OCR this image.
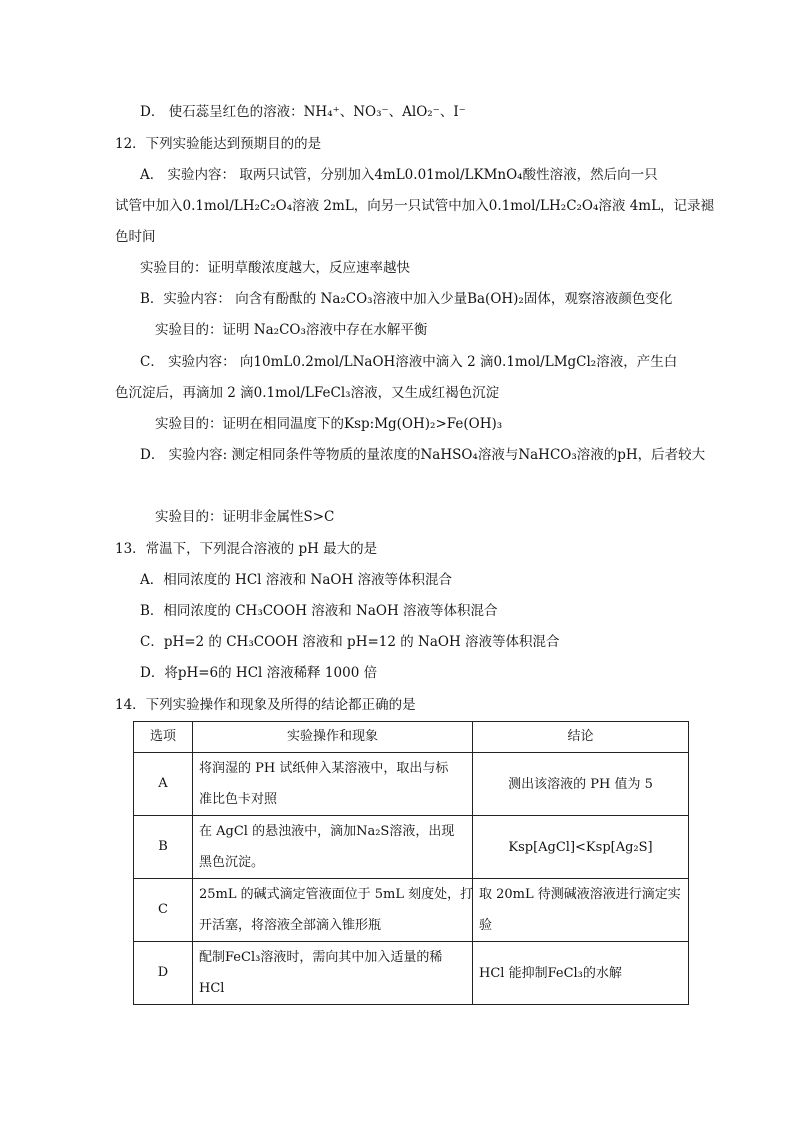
D． 使石蕊呈红色的溶液：NH₄⁺、NO₃⁻、AlO₂⁻、I⁻
12．下列实验能达到预期目的的是
A． 实验内容： 取两只试管，分别加入4mL0.01mol/LKMnO₄酸性溶液，然后向一只
试管中加入0.1mol/LH₂C₂O₄溶液 2mL，向另一只试管中加入0.1mol/LH₂C₂O₄溶液 4mL，记录褪
色时间
实验目的：证明草酸浓度越大，反应速率越快
B．实验内容： 向含有酚酞的 Na₂CO₃溶液中加入少量Ba(OH)₂固体，观察溶液颜色变化
实验目的：证明 Na₂CO₃溶液中存在水解平衡
C． 实验内容： 向10mL0.2mol/LNaOH溶液中滴入 2 滴0.1mol/LMgCl₂溶液，产生白
色沉淀后，再滴加 2 滴0.1mol/LFeCl₃溶液，又生成红褐色沉淀
实验目的：证明在相同温度下的Ksp:Mg(OH)₂>Fe(OH)₃
D． 实验内容: 测定相同条件等物质的量浓度的NaHSO₄溶液与NaHCO₃溶液的pH，后者较大
实验目的：证明非金属性S>C
13．常温下，下列混合溶液的 pH 最大的是
A．相同浓度的 HCl 溶液和 NaOH 溶液等体积混合
B．相同浓度的 CH₃COOH 溶液和 NaOH 溶液等体积混合
C．pH=2 的 CH₃COOH 溶液和 pH=12 的 NaOH 溶液等体积混合
D．将pH=6的 HCl 溶液稀释 1000 倍
14．下列实验操作和现象及所得的结论都正确的是
选项	实验操作和现象	结论
A	将润湿的 PH 试纸伸入某溶液中，取出与标
准比色卡对照	测出该溶液的 PH 值为 5

B	在 AgCl 的悬浊液中，滴加Na₂S溶液，出现
黑色沉淀。	Ksp[AgCl]<Ksp[Ag₂S]

C	25mL 的碱式滴定管液面位于 5mL 刻度处，打
开活塞，将溶液全部滴入锥形瓶	取 20mL 待测碱液溶液进行滴定实
验

D	配制FeCl₃溶液时，需向其中加入适量的稀
HCl	HCl 能抑制FeCl₃的水解
